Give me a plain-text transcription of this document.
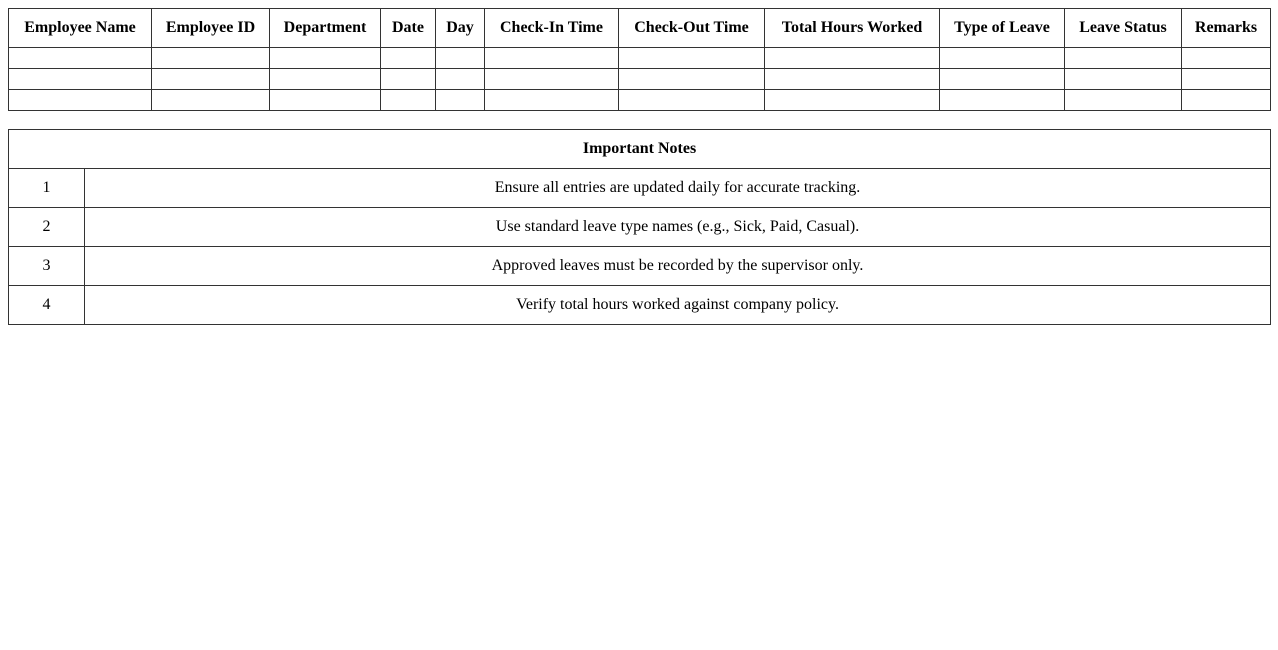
Employee Name	Employee ID	Department	Date	Day	Check-In Time	Check-Out Time	Total Hours Worked	Type of Leave	Leave Status	Remarks

Important Notes	
1	Ensure all entries are updated daily for accurate tracking.
2	Use standard leave type names (e.g., Sick, Paid, Casual).
3	Approved leaves must be recorded by the supervisor only.
4	Verify total hours worked against company policy.
